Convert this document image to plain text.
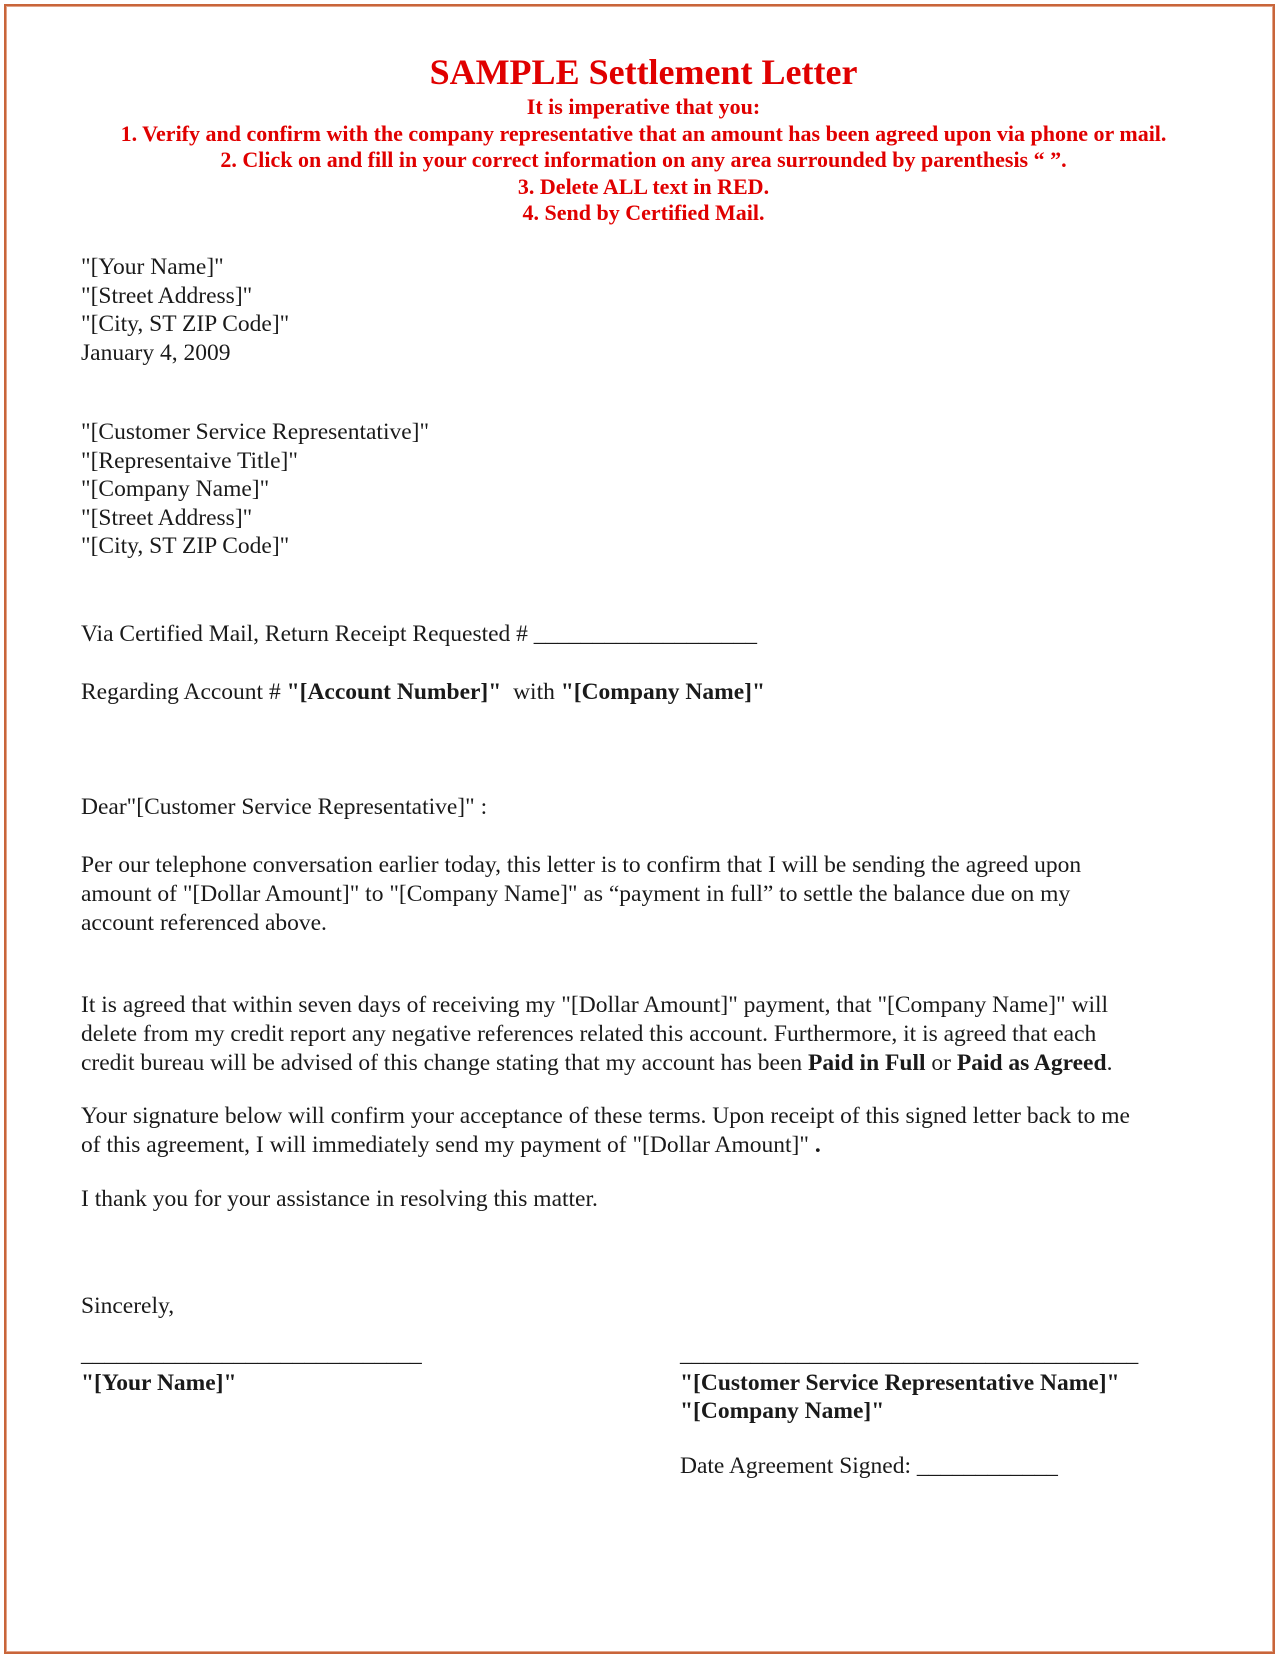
SAMPLE Settlement Letter
It is imperative that you:
1. Verify and confirm with the company representative that an amount has been agreed upon via phone or mail.
2. Click on and fill in your correct information on any area surrounded by parenthesis “ ”.
3. Delete ALL text in RED.
4. Send by Certified Mail.
"[Your Name]"
"[Street Address]"
"[City, ST ZIP Code]"
January 4, 2009
"[Customer Service Representative]"
"[Representaive Title]"
"[Company Name]"
"[Street Address]"
"[City, ST ZIP Code]"
Via Certified Mail, Return Receipt Requested # ___________________
Regarding Account # "[Account Number]"  with "[Company Name]"
Dear"[Customer Service Representative]" :
Per our telephone conversation earlier today, this letter is to confirm that I will be sending the agreed upon
amount of "[Dollar Amount]" to "[Company Name]" as “payment in full” to settle the balance due on my
account referenced above.
It is agreed that within seven days of receiving my "[Dollar Amount]" payment, that "[Company Name]" will
delete from my credit report any negative references related this account. Furthermore, it is agreed that each
credit bureau will be advised of this change stating that my account has been Paid in Full or Paid as Agreed.
Your signature below will confirm your acceptance of these terms. Upon receipt of this signed letter back to me
of this agreement, I will immediately send my payment of "[Dollar Amount]" .
I thank you for your assistance in resolving this matter.
Sincerely,
_____________________________
"[Your Name]"
_______________________________________
"[Customer Service Representative Name]"
"[Company Name]"
Date Agreement Signed: ____________
